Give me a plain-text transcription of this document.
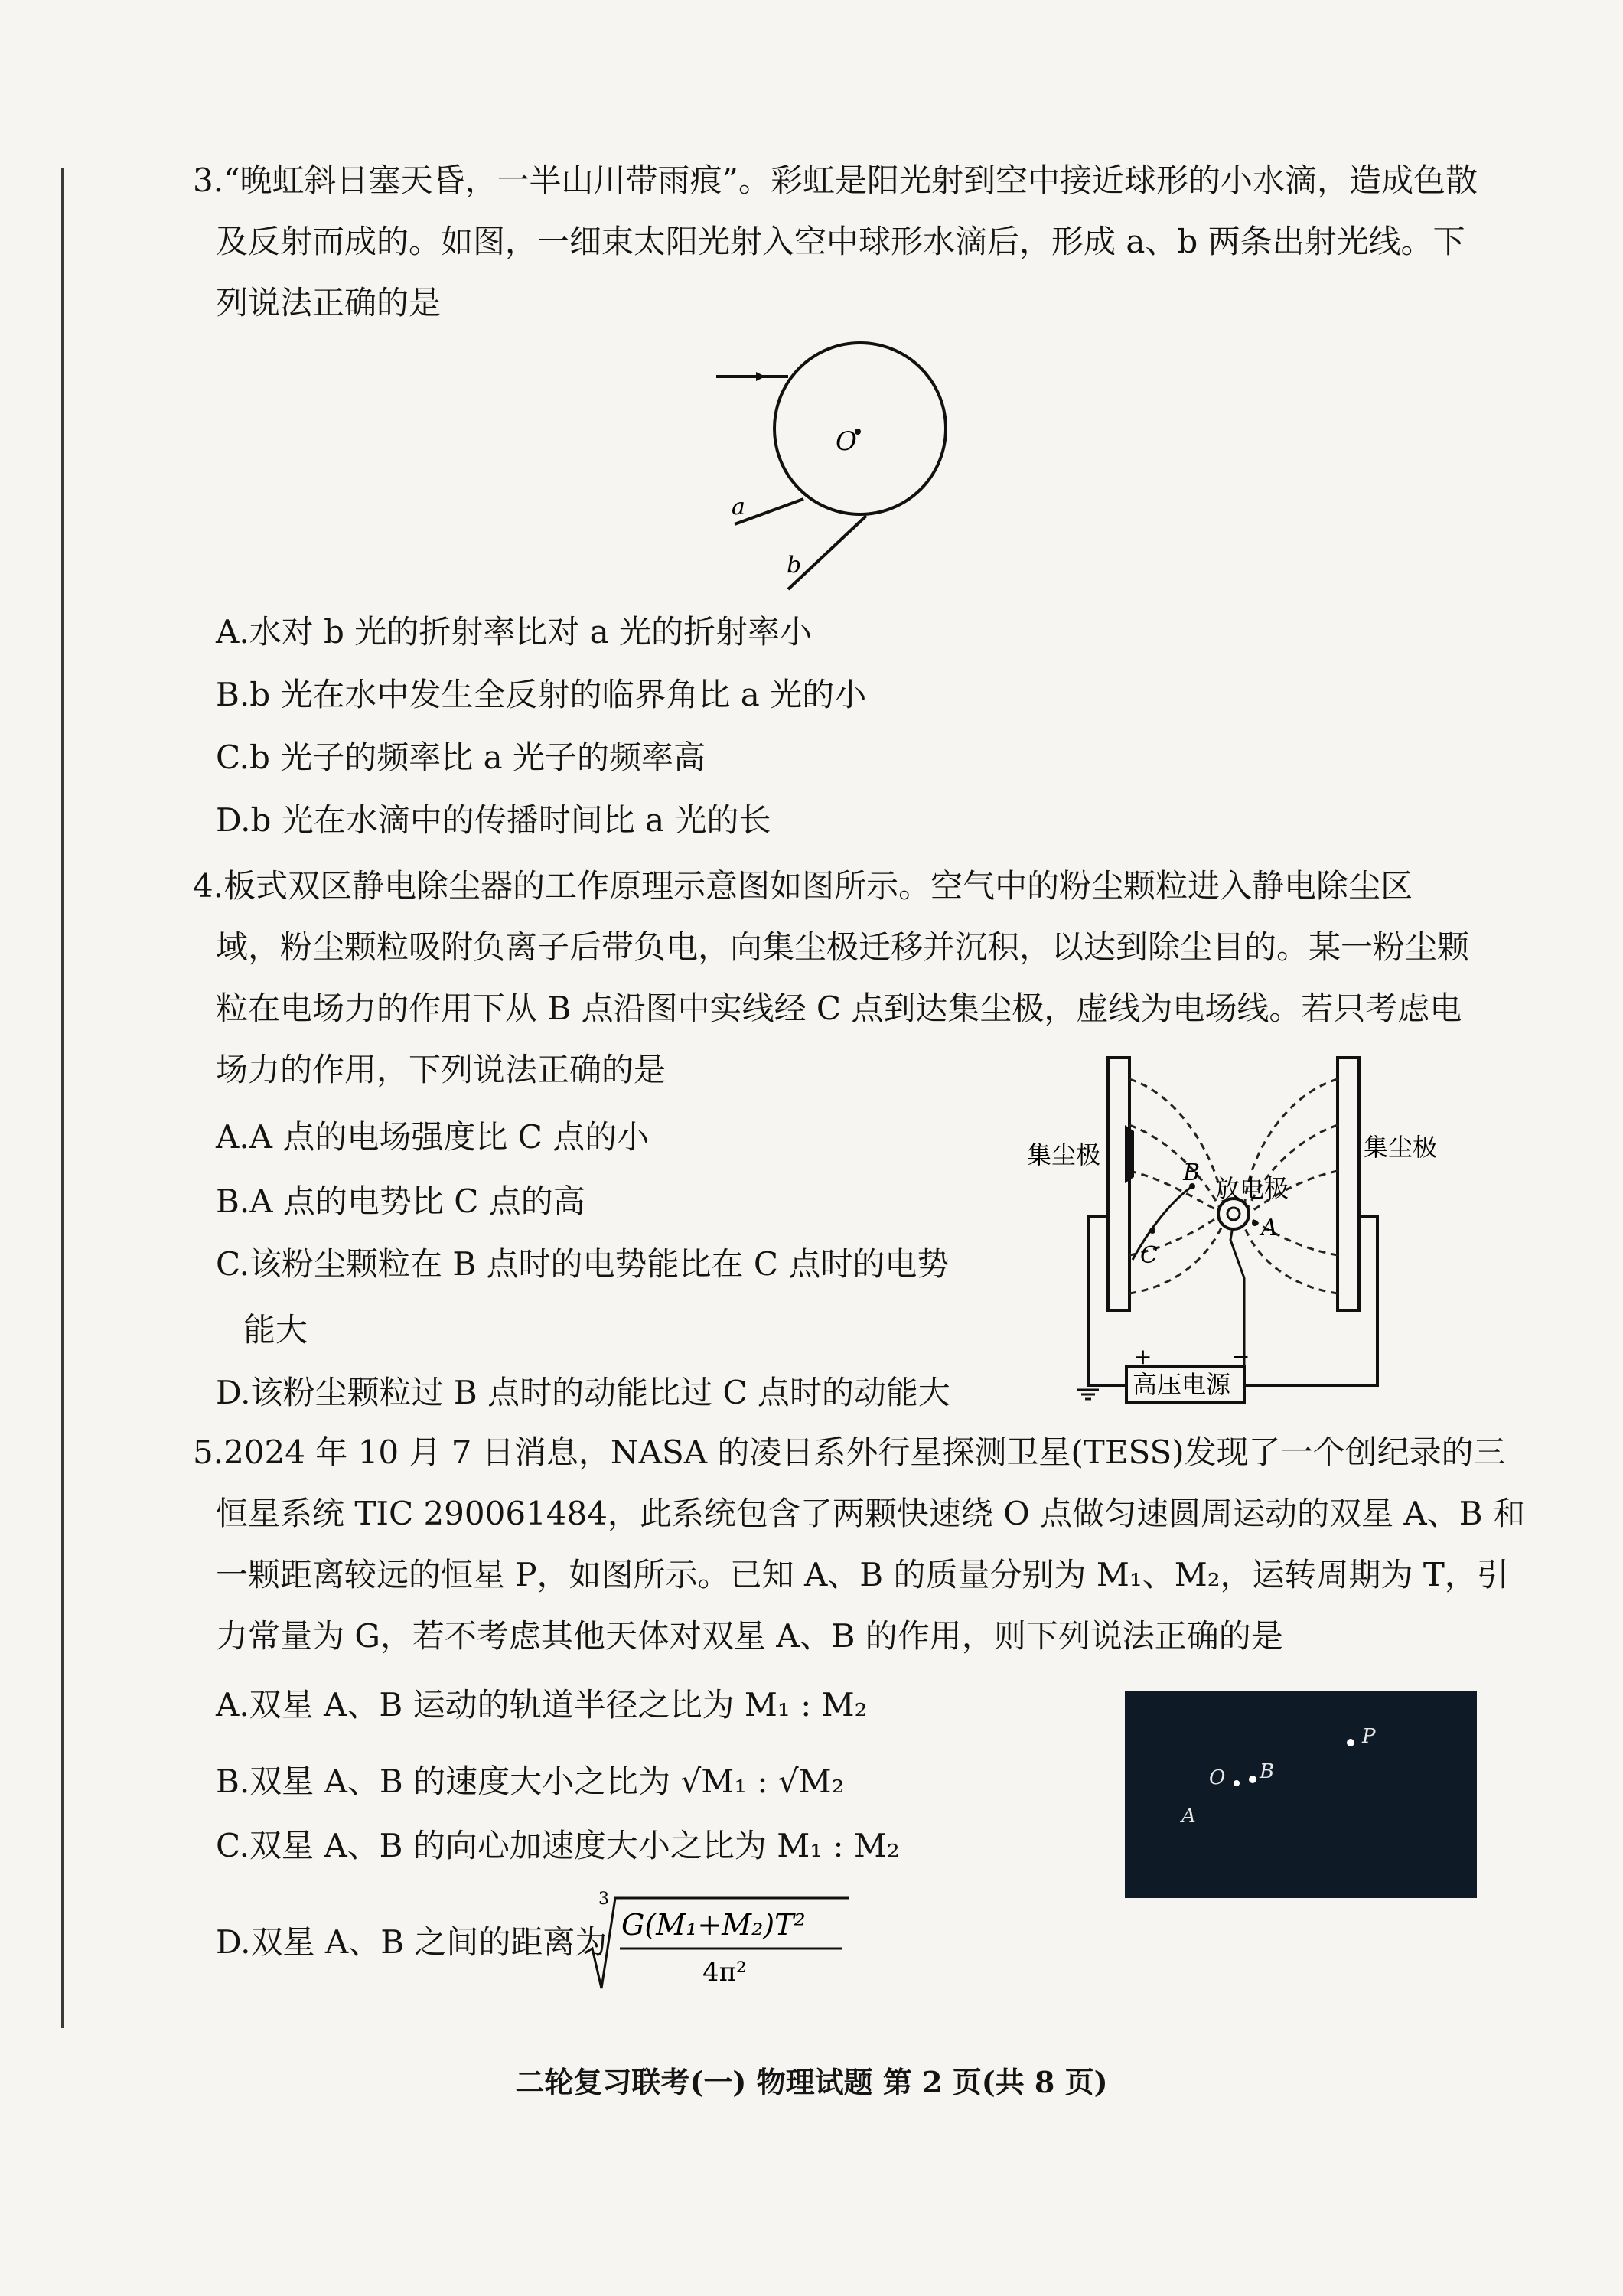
3.“晚虹斜日塞天昏，一半山川带雨痕”。彩虹是阳光射到空中接近球形的小水滴，造成色散
及反射而成的。如图，一细束太阳光射入空中球形水滴后，形成 a、b 两条出射光线。下
列说法正确的是
O
a
b
A.水对 b 光的折射率比对 a 光的折射率小
B.b 光在水中发生全反射的临界角比 a 光的小
C.b 光子的频率比 a 光子的频率高
D.b 光在水滴中的传播时间比 a 光的长
4.板式双区静电除尘器的工作原理示意图如图所示。空气中的粉尘颗粒进入静电除尘区
域，粉尘颗粒吸附负离子后带负电，向集尘极迁移并沉积，以达到除尘目的。某一粉尘颗
粒在电场力的作用下从 B 点沿图中实线经 C 点到达集尘极，虚线为电场线。若只考虑电
场力的作用，下列说法正确的是
A.A 点的电场强度比 C 点的小
B.A 点的电势比 C 点的高
C.该粉尘颗粒在 B 点时的电势能比在 C 点时的电势
能大
D.该粉尘颗粒过 B 点时的动能比过 C 点时的动能大	高压电源
+	−
放电极
B
C
A
集尘极	集尘极
5.2024 年 10 月 7 日消息，NASA 的凌日系外行星探测卫星(TESS)发现了一个创纪录的三
恒星系统 TIC 290061484，此系统包含了两颗快速绕 O 点做匀速圆周运动的双星 A、B 和
一颗距离较远的恒星 P，如图所示。已知 A、B 的质量分别为 M₁、M₂，运转周期为 T，引
力常量为 G，若不考虑其他天体对双星 A、B 的作用，则下列说法正确的是
A.双星 A、B 运动的轨道半径之比为 M₁ : M₂
B.双星 A、B 的速度大小之比为 √M₁ : √M₂
C.双星 A、B 的向心加速度大小之比为 M₁ : M₂
D.双星 A、B 之间的距离为
3
G(M₁+M₂)T²
4π²
O B
P
A
二轮复习联考(一) 物理试题 第 2 页(共 8 页)
